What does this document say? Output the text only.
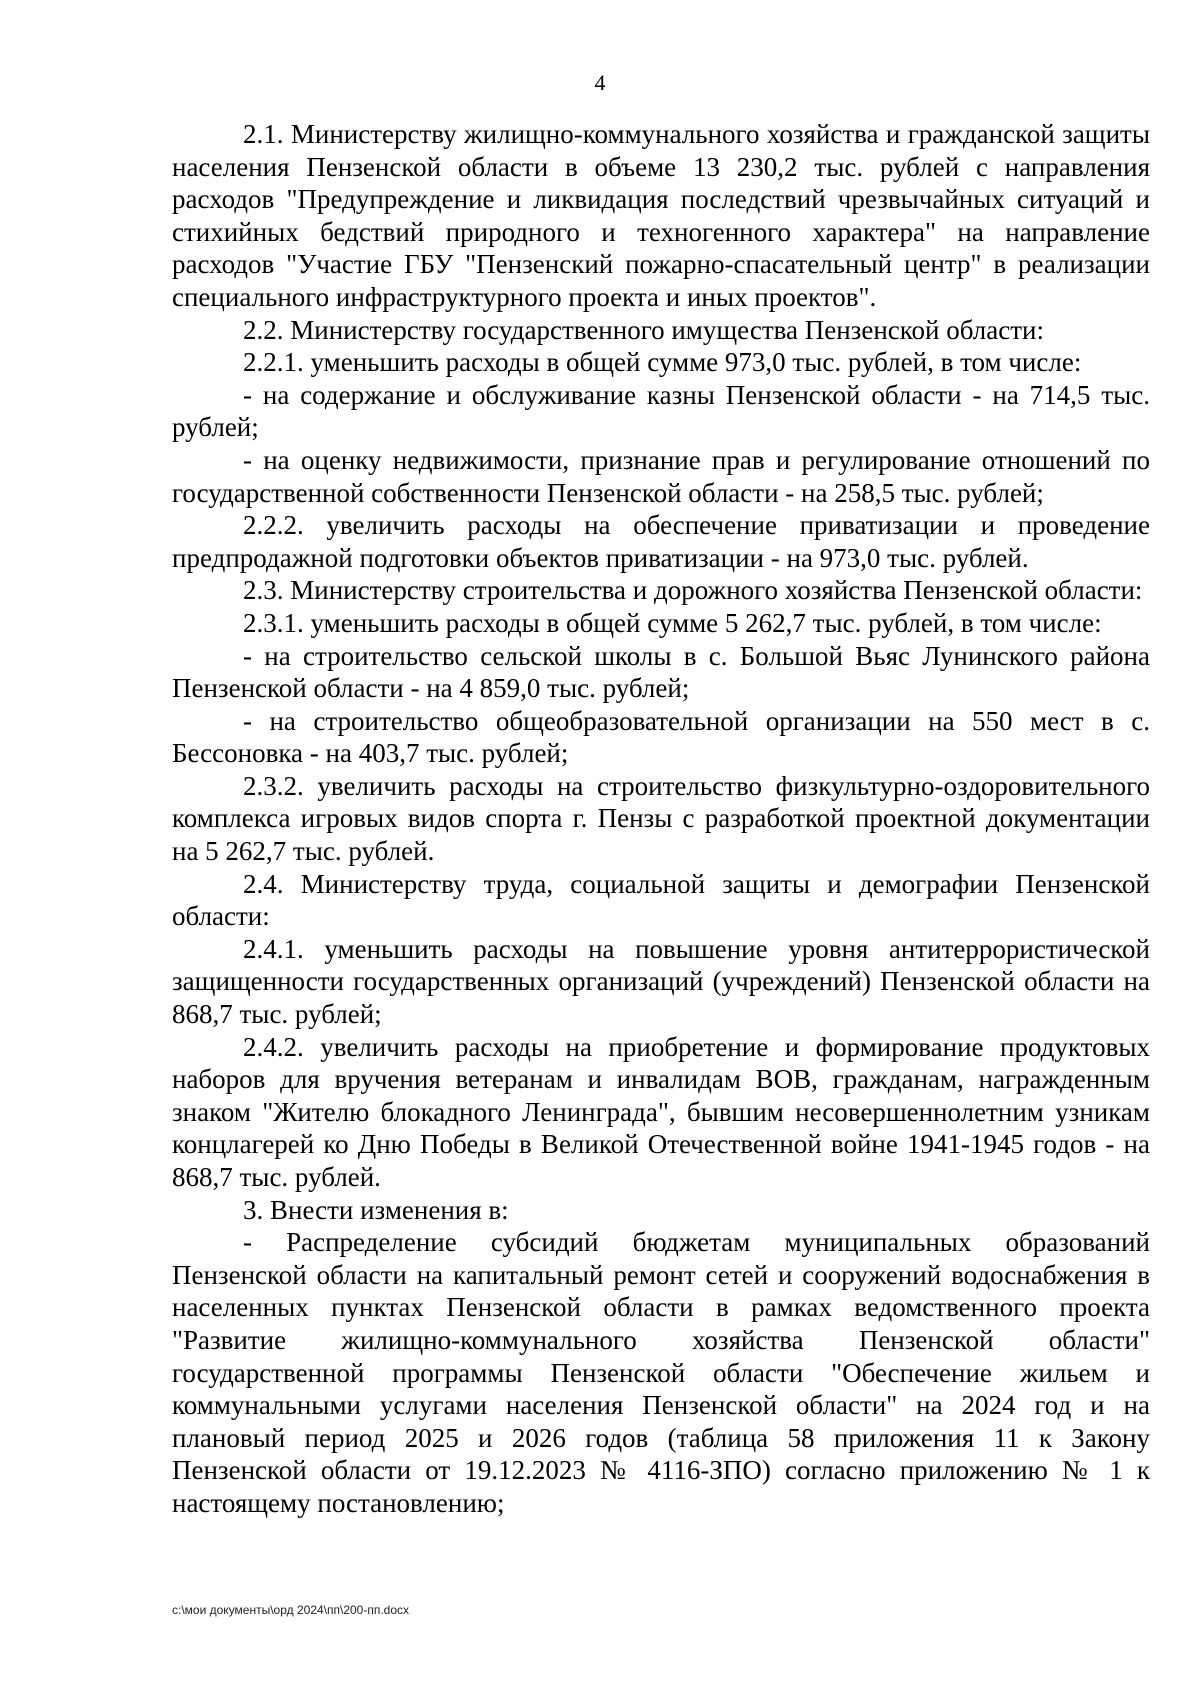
4

2.1. Министерству жилищно-коммунального хозяйства и гражданской защиты населения Пензенской области в объеме 13 230,2 тыс. рублей с направления расходов "Предупреждение и ликвидация последствий чрезвычайных ситуаций и стихийных бедствий природного и техногенного характера" на направление расходов "Участие ГБУ "Пензенский пожарно-спасательный центр" в реализации специального инфраструктурного проекта и иных проектов".

2.2. Министерству государственного имущества Пензенской области:

2.2.1. уменьшить расходы в общей сумме 973,0 тыс. рублей, в том числе:

- на содержание и обслуживание казны Пензенской области - на 714,5 тыс. рублей;

- на оценку недвижимости, признание прав и регулирование отношений по государственной собственности Пензенской области - на 258,5 тыс. рублей;

2.2.2. увеличить расходы на обеспечение приватизации и проведение предпродажной подготовки объектов приватизации - на 973,0 тыс. рублей.

2.3. Министерству строительства и дорожного хозяйства Пензенской области:

2.3.1. уменьшить расходы в общей сумме 5 262,7 тыс. рублей, в том числе:

- на строительство сельской школы в с. Большой Вьяс Лунинского района Пензенской области - на 4 859,0 тыс. рублей;

- на строительство общеобразовательной организации на 550 мест в с. Бессоновка - на 403,7 тыс. рублей;

2.3.2. увеличить расходы на строительство физкультурно-оздоровительного комплекса игровых видов спорта г. Пензы с разработкой проектной документации на 5 262,7 тыс. рублей.

2.4. Министерству труда, социальной защиты и демографии Пензенской области:

2.4.1. уменьшить расходы на повышение уровня антитеррористической защищенности государственных организаций (учреждений) Пензенской области на 868,7 тыс. рублей;

2.4.2. увеличить расходы на приобретение и формирование продуктовых наборов для вручения ветеранам и инвалидам ВОВ, гражданам, награжденным знаком "Жителю блокадного Ленинграда", бывшим несовершеннолетним узникам концлагерей ко Дню Победы в Великой Отечественной войне 1941-1945 годов - на 868,7 тыс. рублей.

3. Внести изменения в:

- Распределение субсидий бюджетам муниципальных образований Пензенской области на капитальный ремонт сетей и сооружений водоснабжения в населенных пунктах Пензенской области в рамках ведомственного проекта "Развитие жилищно-коммунального хозяйства Пензенской области" государственной программы Пензенской области "Обеспечение жильем и коммунальными услугами населения Пензенской области" на 2024 год и на плановый период 2025 и 2026 годов (таблица 58 приложения 11 к Закону Пензенской области от 19.12.2023 № 4116-ЗПО) согласно приложению № 1 к настоящему постановлению;

c:\мои документы\орд 2024\пп\200-пп.docx
